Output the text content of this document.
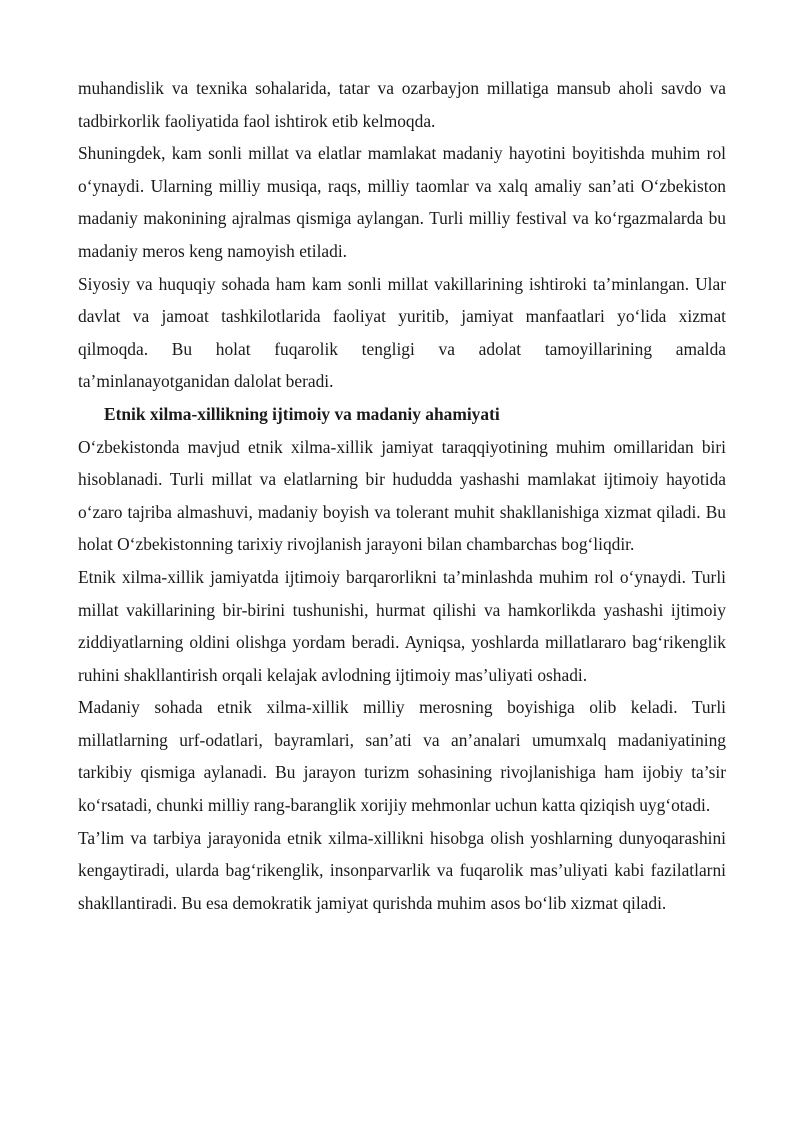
muhandislik va texnika sohalarida, tatar va ozarbayjon millatiga mansub aholi savdo va tadbirkorlik faoliyatida faol ishtirok etib kelmoqda.

Shuningdek, kam sonli millat va elatlar mamlakat madaniy hayotini boyitishda muhim rol o‘ynaydi. Ularning milliy musiqa, raqs, milliy taomlar va xalq amaliy san’ati O‘zbekiston madaniy makonining ajralmas qismiga aylangan. Turli milliy festival va ko‘rgazmalarda bu madaniy meros keng namoyish etiladi.

Siyosiy va huquqiy sohada ham kam sonli millat vakillarining ishtiroki ta’minlangan. Ular davlat va jamoat tashkilotlarida faoliyat yuritib, jamiyat manfaatlari yo‘lida xizmat qilmoqda. Bu holat fuqarolik tengligi va adolat tamoyillarining amalda ta’minlanayotganidan dalolat beradi.

Etnik xilma-xillikning ijtimoiy va madaniy ahamiyati

O‘zbekistonda mavjud etnik xilma-xillik jamiyat taraqqiyotining muhim omillaridan biri hisoblanadi. Turli millat va elatlarning bir hududda yashashi mamlakat ijtimoiy hayotida o‘zaro tajriba almashuvi, madaniy boyish va tolerant muhit shakllanishiga xizmat qiladi. Bu holat O‘zbekistonning tarixiy rivojlanish jarayoni bilan chambarchas bog‘liqdir.

Etnik xilma-xillik jamiyatda ijtimoiy barqarorlikni ta’minlashda muhim rol o‘ynaydi. Turli millat vakillarining bir-birini tushunishi, hurmat qilishi va hamkorlikda yashashi ijtimoiy ziddiyatlarning oldini olishga yordam beradi. Ayniqsa, yoshlarda millatlararo bag‘rikenglik ruhini shakllantirish orqali kelajak avlodning ijtimoiy mas’uliyati oshadi.

Madaniy sohada etnik xilma-xillik milliy merosning boyishiga olib keladi. Turli millatlarning urf-odatlari, bayramlari, san’ati va an’analari umumxalq madaniyatining tarkibiy qismiga aylanadi. Bu jarayon turizm sohasining rivojlanishiga ham ijobiy ta’sir ko‘rsatadi, chunki milliy rang-baranglik xorijiy mehmonlar uchun katta qiziqish uyg‘otadi.

Ta’lim va tarbiya jarayonida etnik xilma-xillikni hisobga olish yoshlarning dunyoqarashini kengaytiradi, ularda bag‘rikenglik, insonparvarlik va fuqarolik mas’uliyati kabi fazilatlarni shakllantiradi. Bu esa demokratik jamiyat qurishda muhim asos bo‘lib xizmat qiladi.
